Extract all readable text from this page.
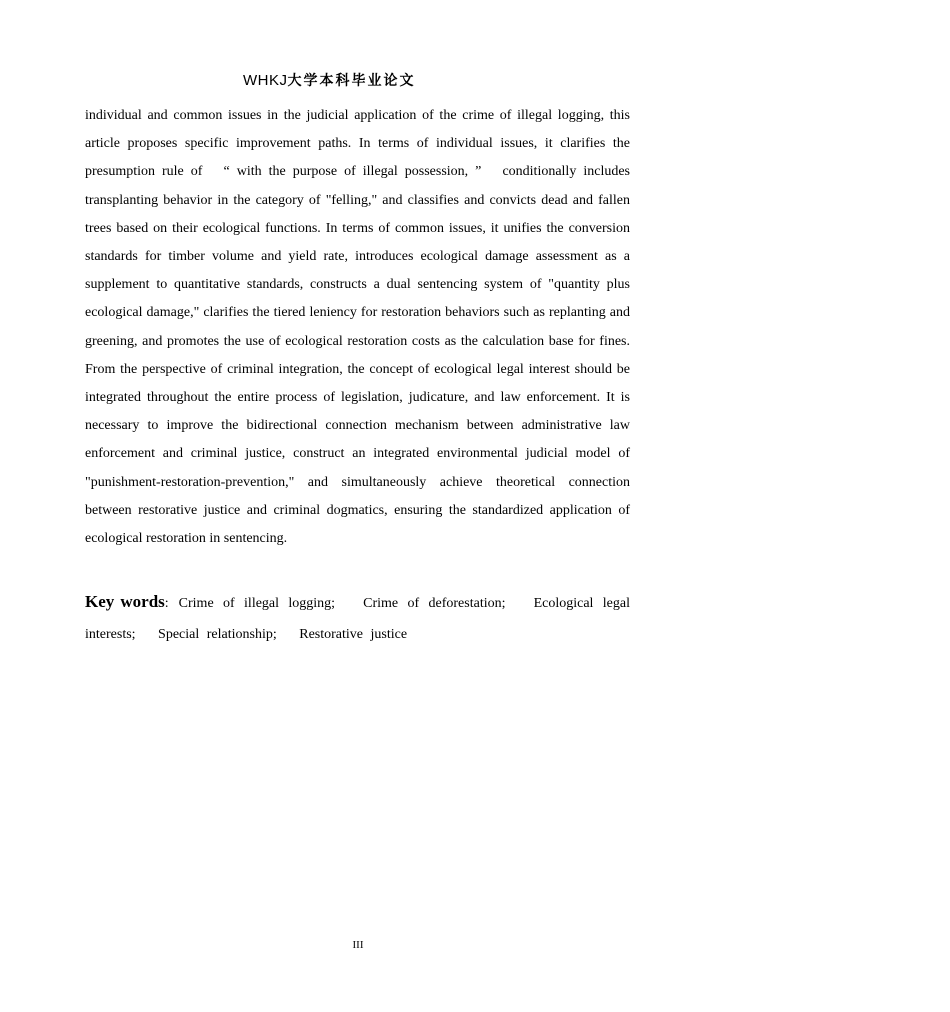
WHKJ大学本科毕业论文

individual and common issues in the judicial application of the crime of illegal logging, this article proposes specific improvement paths. In terms of individual issues, it clarifies the presumption rule of   “ with the purpose of illegal possession, ”   conditionally includes transplanting behavior in the category of "felling," and classifies and convicts dead and fallen trees based on their ecological functions. In terms of common issues, it unifies the conversion standards for timber volume and yield rate, introduces ecological damage assessment as a supplement to quantitative standards, constructs a dual sentencing system of "quantity plus ecological damage," clarifies the tiered leniency for restoration behaviors such as replanting and greening, and promotes the use of ecological restoration costs as the calculation base for fines. From the perspective of criminal integration, the concept of ecological legal interest should be integrated throughout the entire process of legislation, judicature, and law enforcement. It is necessary to improve the bidirectional connection mechanism between administrative law enforcement and criminal justice, construct an integrated environmental judicial model of "punishment-restoration-prevention," and simultaneously achieve theoretical connection between restorative justice and criminal dogmatics, ensuring the standardized application of ecological restoration in sentencing.

Key words: Crime of illegal logging;   Crime of deforestation;   Ecological legal interests;   Special relationship;   Restorative justice

III
